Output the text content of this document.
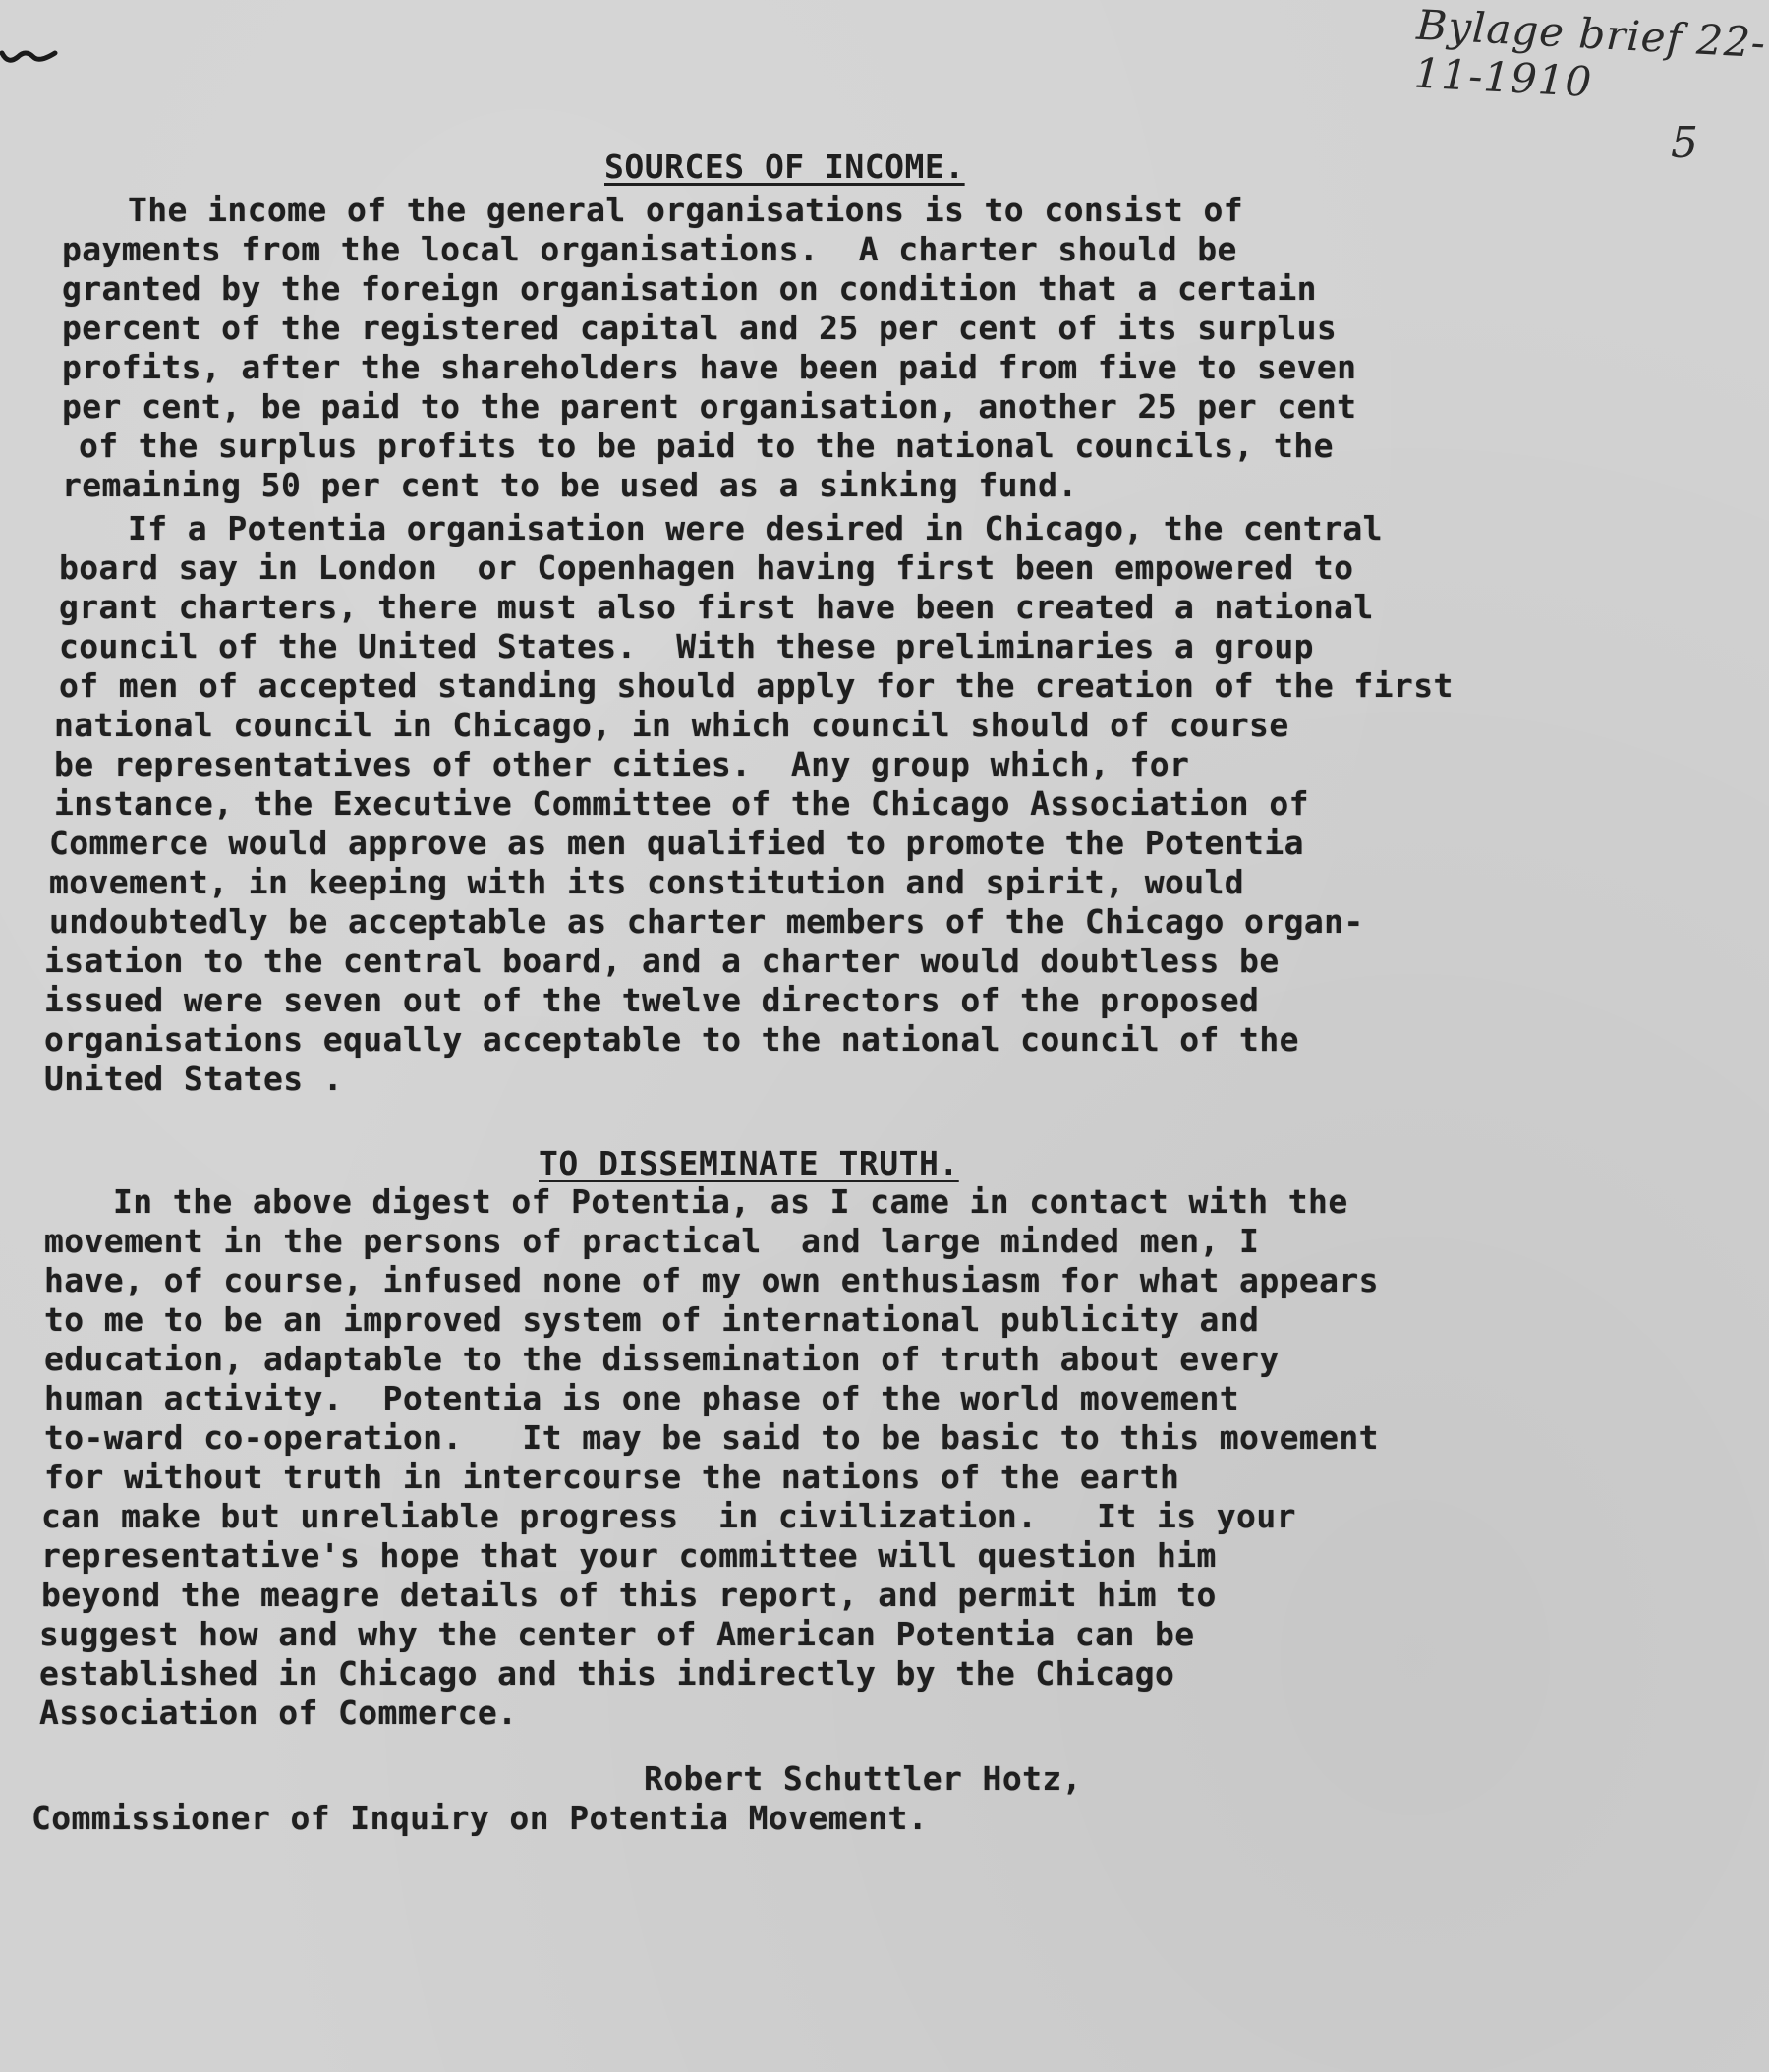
Bylage brief 22-11-1910
5
SOURCES OF INCOME.
The income of the general organisations is to consist of
payments from the local organisations.  A charter should be
granted by the foreign organisation on condition that a certain
percent of the registered capital and 25 per cent of its surplus
profits, after the shareholders have been paid from five to seven
per cent, be paid to the parent organisation, another 25 per cent
of the surplus profits to be paid to the national councils, the
remaining 50 per cent to be used as a sinking fund.
If a Potentia organisation were desired in Chicago, the central
board say in London  or Copenhagen having first been empowered to
grant charters, there must also first have been created a national
council of the United States.  With these preliminaries a group
of men of accepted standing should apply for the creation of the first
national council in Chicago, in which council should of course
be representatives of other cities.  Any group which, for
instance, the Executive Committee of the Chicago Association of
Commerce would approve as men qualified to promote the Potentia
movement, in keeping with its constitution and spirit, would
undoubtedly be acceptable as charter members of the Chicago organ-
isation to the central board, and a charter would doubtless be
issued were seven out of the twelve directors of the proposed
organisations equally acceptable to the national council of the
United States .
TO DISSEMINATE TRUTH.
In the above digest of Potentia, as I came in contact with the
movement in the persons of practical  and large minded men, I
have, of course, infused none of my own enthusiasm for what appears
to me to be an improved system of international publicity and
education, adaptable to the dissemination of truth about every
human activity.  Potentia is one phase of the world movement
to-ward co-operation.   It may be said to be basic to this movement
for without truth in intercourse the nations of the earth
can make but unreliable progress  in civilization.   It is your
representative's hope that your committee will question him
beyond the meagre details of this report, and permit him to
suggest how and why the center of American Potentia can be
established in Chicago and this indirectly by the Chicago
Association of Commerce.
Robert Schuttler Hotz,
Commissioner of Inquiry on Potentia Movement.
